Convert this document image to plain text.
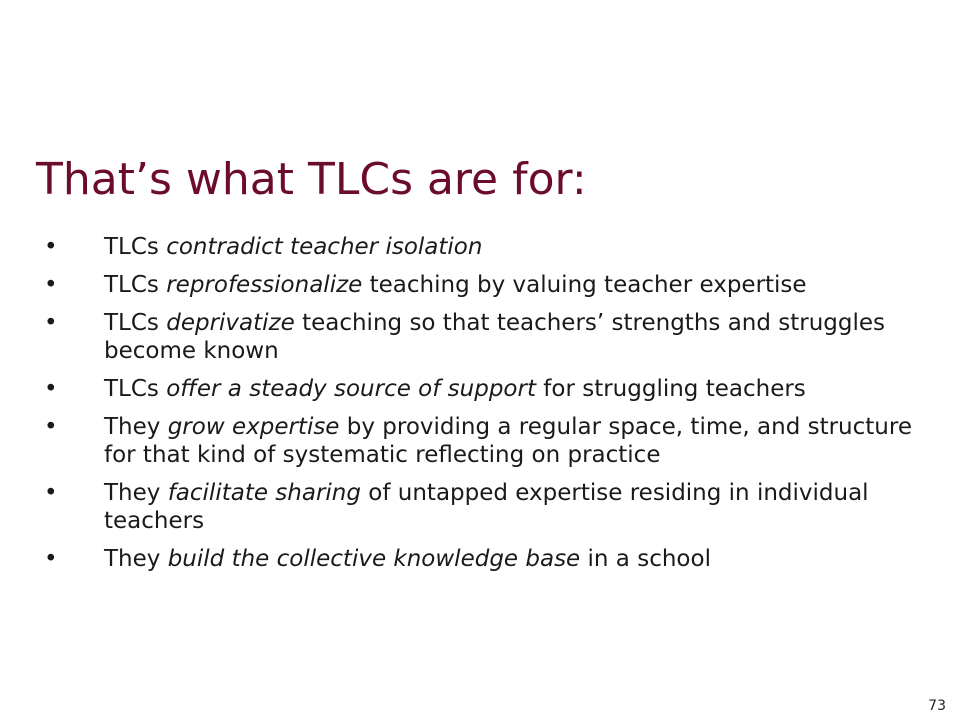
That’s what TLCs are for:
• TLCs contradict teacher isolation
• TLCs reprofessionalize teaching by valuing teacher expertise
• TLCs deprivatize teaching so that teachers’ strengths and struggles become known
• TLCs offer a steady source of support for struggling teachers
• They grow expertise by providing a regular space, time, and structure for that kind of systematic reflecting on practice
• They facilitate sharing of untapped expertise residing in individual teachers
• They build the collective knowledge base in a school
73
